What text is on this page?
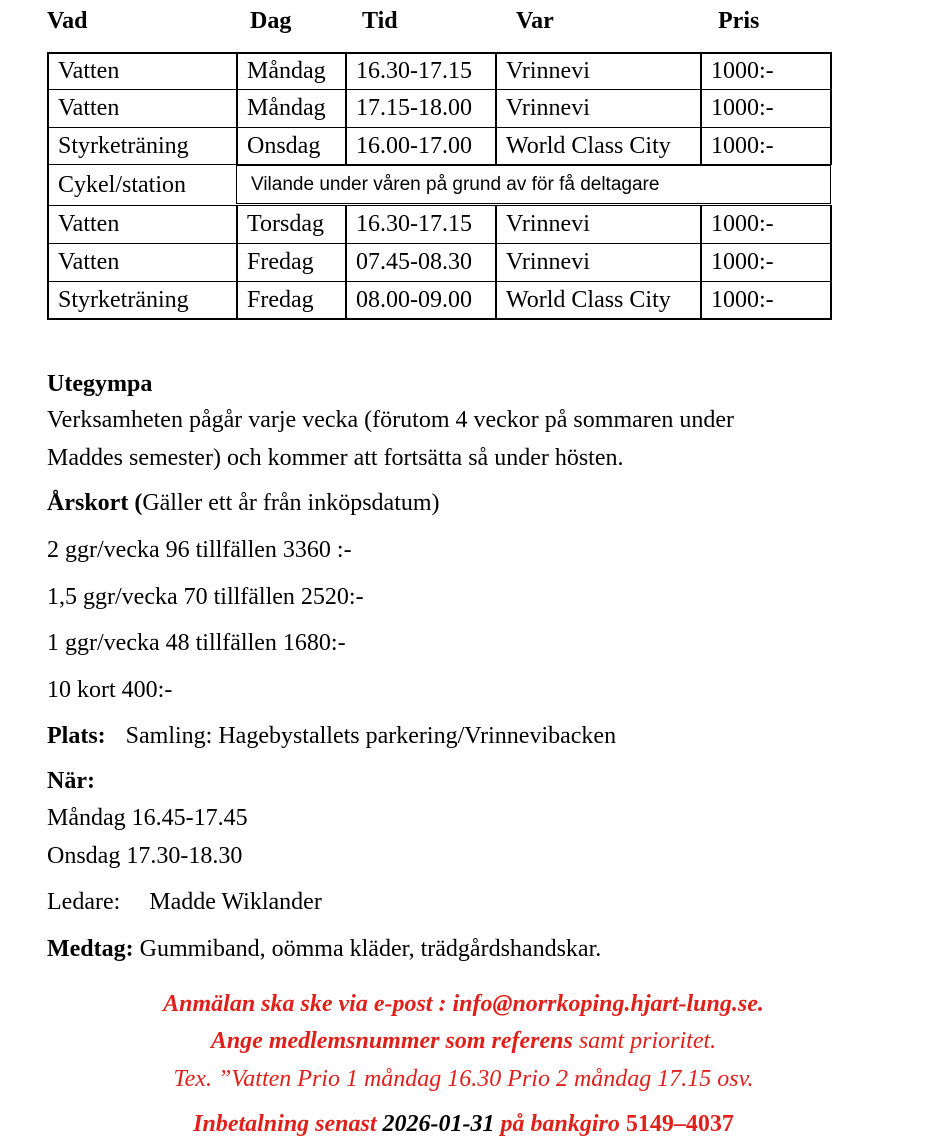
Vad	Dag	Tid	Var	Pris
Vatten	Måndag	16.30-17.15	Vrinnevi	1000:-
Vatten	Måndag	17.15-18.00	Vrinnevi	1000:-
Styrketräning	Onsdag	16.00-17.00	World Class City	1000:-
Cykel/station	Vilande under våren på grund av för få deltagare
Vatten	Torsdag	16.30-17.15	Vrinnevi	1000:-
Vatten	Fredag	07.45-08.30	Vrinnevi	1000:-
Styrketräning	Fredag	08.00-09.00	World Class City	1000:-
Utegympa
Verksamheten pågår varje vecka (förutom 4 veckor på sommaren under
Maddes semester) och kommer att fortsätta så under hösten.
Årskort (Gäller ett år från inköpsdatum)
2 ggr/vecka 96 tillfällen 3360 :-
1,5 ggr/vecka 70 tillfällen 2520:-
1 ggr/vecka 48 tillfällen 1680:-
10 kort 400:-
Plats: Samling: Hagebystallets parkering/Vrinnevibacken
När:
Måndag 16.45-17.45
Onsdag 17.30-18.30
Ledare: Madde Wiklander
Medtag: Gummiband, oömma kläder, trädgårdshandskar.
Anmälan ska ske via e-post : info@norrkoping.hjart-lung.se.
Ange medlemsnummer som referens samt prioritet.
Tex. ”Vatten Prio 1 måndag 16.30 Prio 2 måndag 17.15 osv.
Inbetalning senast 2026-01-31 på bankgiro 5149–4037
